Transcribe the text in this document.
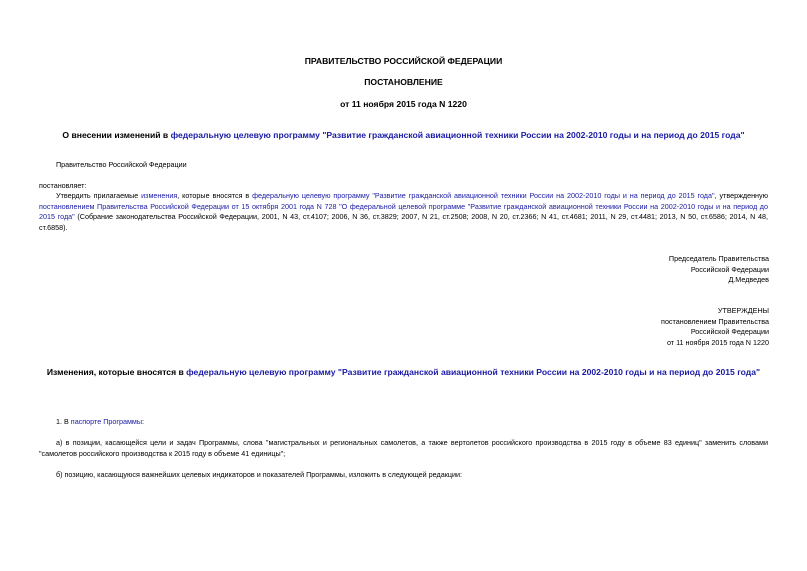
ПРАВИТЕЛЬСТВО РОССИЙСКОЙ ФЕДЕРАЦИИ
ПОСТАНОВЛЕНИЕ
от 11 ноября 2015 года N 1220
О внесении изменений в федеральную целевую программу "Развитие гражданской авиационной техники России на 2002-2010 годы и на период до 2015 года"
Правительство Российской Федерации
постановляет:
Утвердить прилагаемые изменения, которые вносятся в федеральную целевую программу "Развитие гражданской авиационной техники России на 2002-2010 годы и на период до 2015 года", утвержденную постановлением Правительства Российской Федерации от 15 октября 2001 года N 728 "О федеральной целевой программе "Развитие гражданской авиационной техники России на 2002-2010 годы и на период до 2015 года" (Собрание законодательства Российской Федерации, 2001, N 43, ст.4107; 2006, N 36, ст.3829; 2007, N 21, ст.2508; 2008, N 20, ст.2366; N 41, ст.4681; 2011, N 29, ст.4481; 2013, N 50, ст.6586; 2014, N 48, ст.6858).
Председатель Правительства
Российской Федерации
Д.Медведев
УТВЕРЖДЕНЫ
постановлением Правительства
Российской Федерации
от 11 ноября 2015 года N 1220
Изменения, которые вносятся в федеральную целевую программу "Развитие гражданской авиационной техники России на 2002-2010 годы и на период до 2015 года"
1. В паспорте Программы:
а) в позиции, касающейся цели и задач Программы, слова "магистральных и региональных самолетов, а также вертолетов российского производства в 2015 году в объеме 83 единиц" заменить словами "самолетов российского производства к 2015 году в объеме 41 единицы";
б) позицию, касающуюся важнейших целевых индикаторов и показателей Программы, изложить в следующей редакции:
